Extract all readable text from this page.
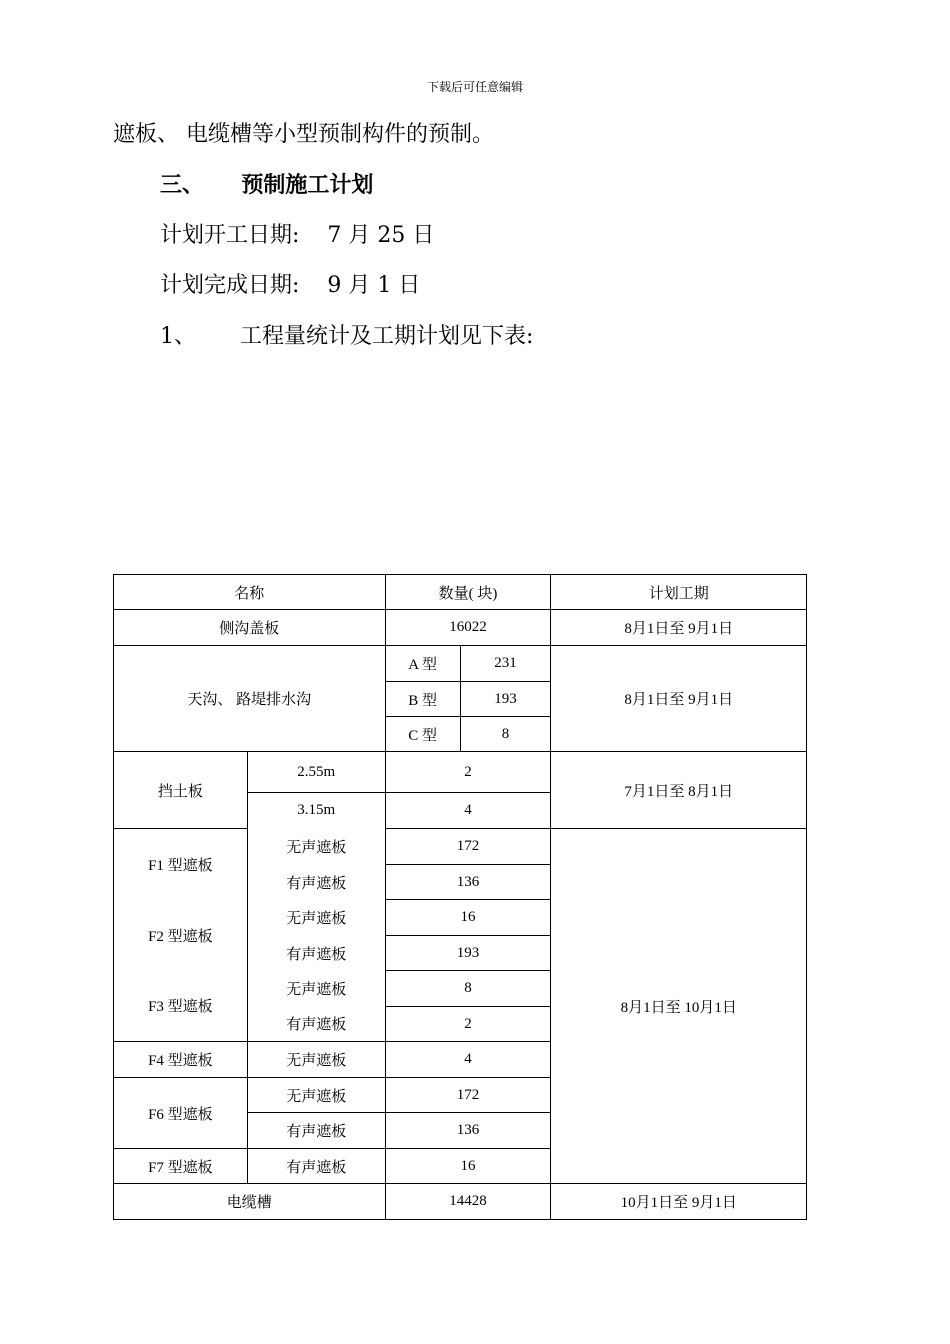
下载后可任意编辑
遮板、 电缆槽等小型预制构件的预制。
三、 预制施工计划
计划开工日期: 7 月 25 日
计划完成日期: 9 月 1 日
1、 工程量统计及工期计划见下表:
名称		数量( 块)		计划工期
侧沟盖板		16022		8月1日至 9月1日
天沟、 路堤排水沟		A 型	231	8月1日至 9月1日
		B 型	193	
		C 型	8	
挡土板	2.55m	2		7月1日至 8月1日
	3.15m	4		
F1 型遮板	无声遮板	172		8月1日至 10月1日
	有声遮板	136		
F2 型遮板	无声遮板	16		
	有声遮板	193		
F3 型遮板	无声遮板	8		
	有声遮板	2		
F4 型遮板	无声遮板	4		
F6 型遮板	无声遮板	172		
	有声遮板	136		
F7 型遮板	有声遮板	16		
电缆槽		14428		10月1日至 9月1日
